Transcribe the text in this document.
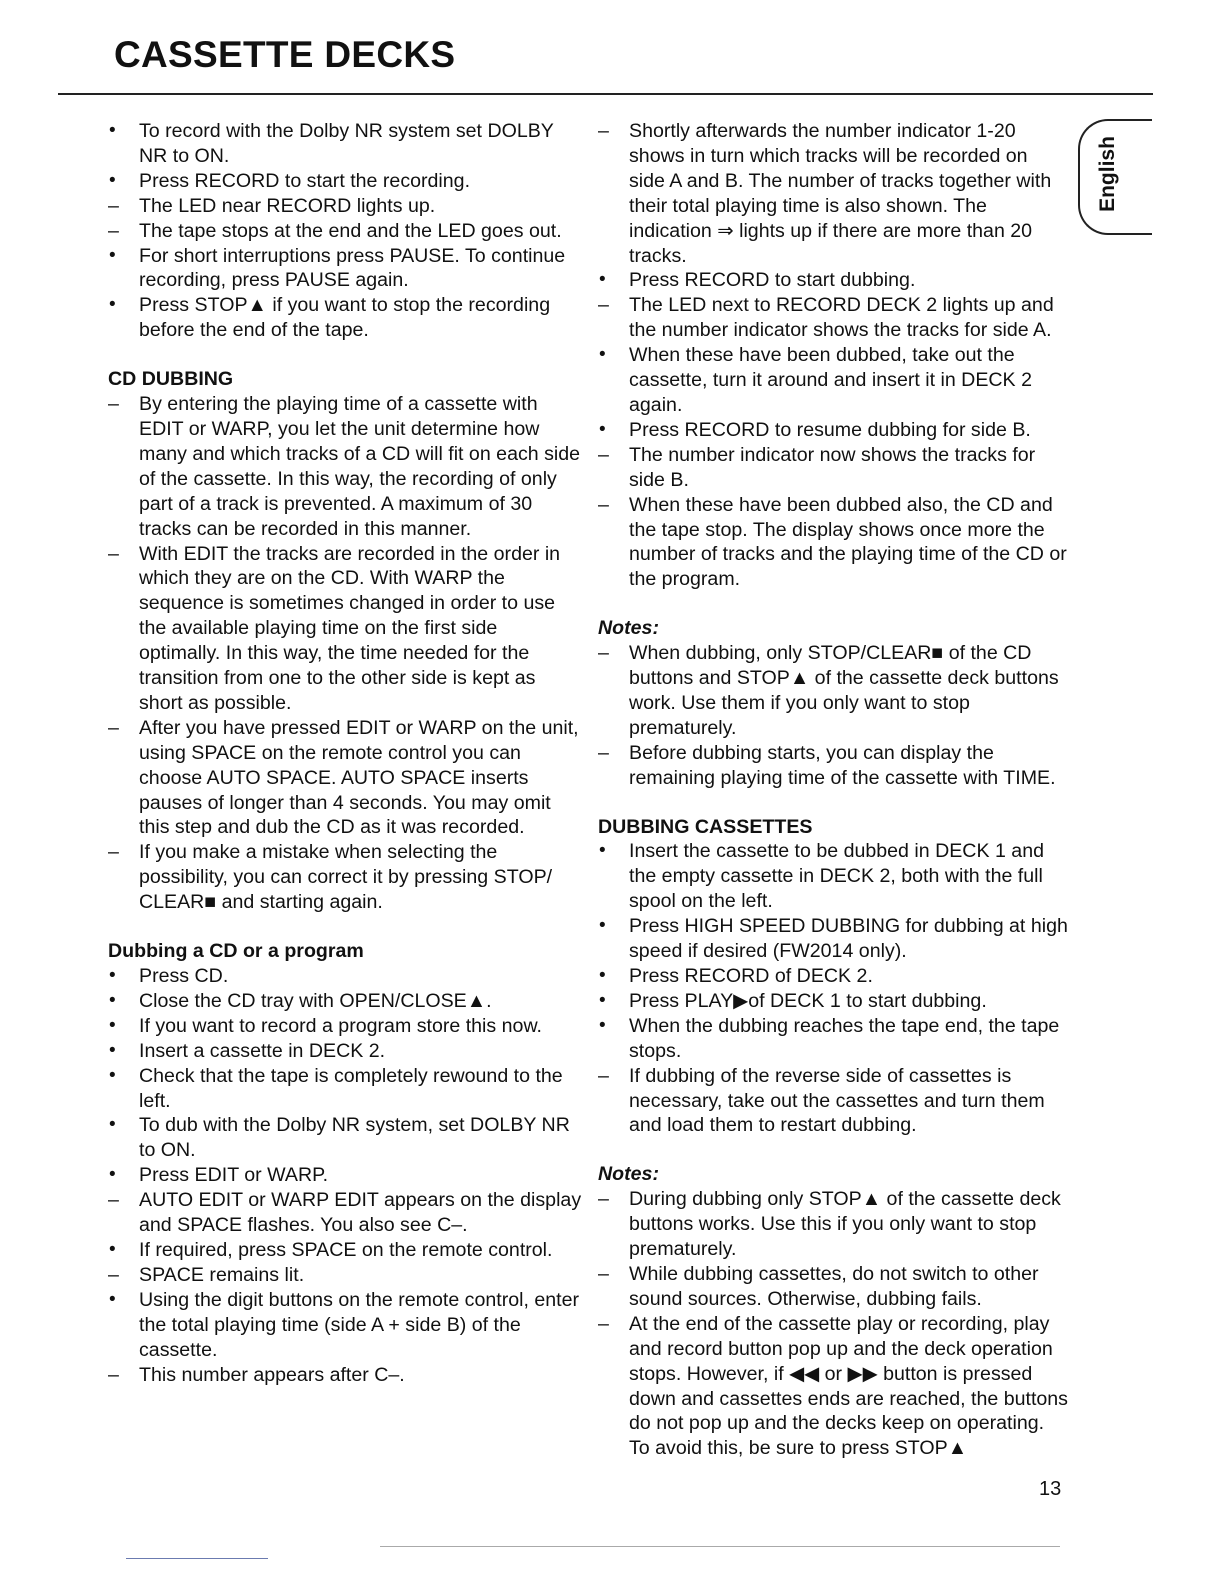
CASSETTE DECKS
•	To record with the Dolby NR system set DOLBY NR to ON.
•	Press RECORD to start the recording.
–	The LED near RECORD lights up.
–	The tape stops at the end and the LED goes out.
•	For short interruptions press PAUSE. To continue recording, press PAUSE again.
•	Press STOP▲ if you want to stop the recording before the end of the tape.
CD DUBBING
–	By entering the playing time of a cassette with EDIT or WARP, you let the unit determine how many and which tracks of a CD will fit on each side of the cassette. In this way, the recording of only part of a track is prevented. A maximum of 30 tracks can be recorded in this manner.
–	With EDIT the tracks are recorded in the order in which they are on the CD. With WARP the sequence is sometimes changed in order to use the available playing time on the first side optimally. In this way, the time needed for the transition from one to the other side is kept as short as possible.
–	After you have pressed EDIT or WARP on the unit, using SPACE on the remote control you can choose AUTO SPACE. AUTO SPACE inserts pauses of longer than 4 seconds. You may omit this step and dub the CD as it was recorded.
–	If you make a mistake when selecting the possibility, you can correct it by pressing STOP/ CLEAR■ and starting again.
Dubbing a CD or a program
•	Press CD.
•	Close the CD tray with OPEN/CLOSE▲.
•	If you want to record a program store this now.
•	Insert a cassette in DECK 2.
•	Check that the tape is completely rewound to the left.
•	To dub with the Dolby NR system, set DOLBY NR to ON.
•	Press EDIT or WARP.
–	AUTO EDIT or WARP EDIT appears on the display and SPACE flashes. You also see C–.
•	If required, press SPACE on the remote control.
–	SPACE remains lit.
•	Using the digit buttons on the remote control, enter the total playing time (side A + side B) of the cassette.
–	This number appears after C–.
–	Shortly afterwards the number indicator 1-20 shows in turn which tracks will be recorded on side A and B. The number of tracks together with their total playing time is also shown. The indication ⇒ lights up if there are more than 20 tracks.
•	Press RECORD to start dubbing.
–	The LED next to RECORD DECK 2 lights up and the number indicator shows the tracks for side A.
•	When these have been dubbed, take out the cassette, turn it around and insert it in DECK 2 again.
•	Press RECORD to resume dubbing for side B.
–	The number indicator now shows the tracks for side B.
–	When these have been dubbed also, the CD and the tape stop. The display shows once more the number of tracks and the playing time of the CD or the program.
Notes:
–	When dubbing, only STOP/CLEAR■ of the CD buttons and STOP▲ of the cassette deck buttons work. Use them if you only want to stop prematurely.
–	Before dubbing starts, you can display the remaining playing time of the cassette with TIME.
DUBBING CASSETTES
•	Insert the cassette to be dubbed in DECK 1 and the empty cassette in DECK 2, both with the full spool on the left.
•	Press HIGH SPEED DUBBING for dubbing at high speed if desired (FW2014 only).
•	Press RECORD of DECK 2.
•	Press PLAY▶of DECK 1 to start dubbing.
•	When the dubbing reaches the tape end, the tape stops.
–	If dubbing of the reverse side of cassettes is necessary, take out the cassettes and turn them and load them to restart dubbing.
Notes:
–	During dubbing only STOP▲ of the cassette deck buttons works. Use this if you only want to stop prematurely.
–	While dubbing cassettes, do not switch to other sound sources. Otherwise, dubbing fails.
–	At the end of the cassette play or recording, play and record button pop up and the deck operation stops. However, if ◀◀ or ▶▶ button is pressed down and cassettes ends are reached, the buttons do not pop up and the decks keep on operating. To avoid this, be sure to press STOP▲
English
13
